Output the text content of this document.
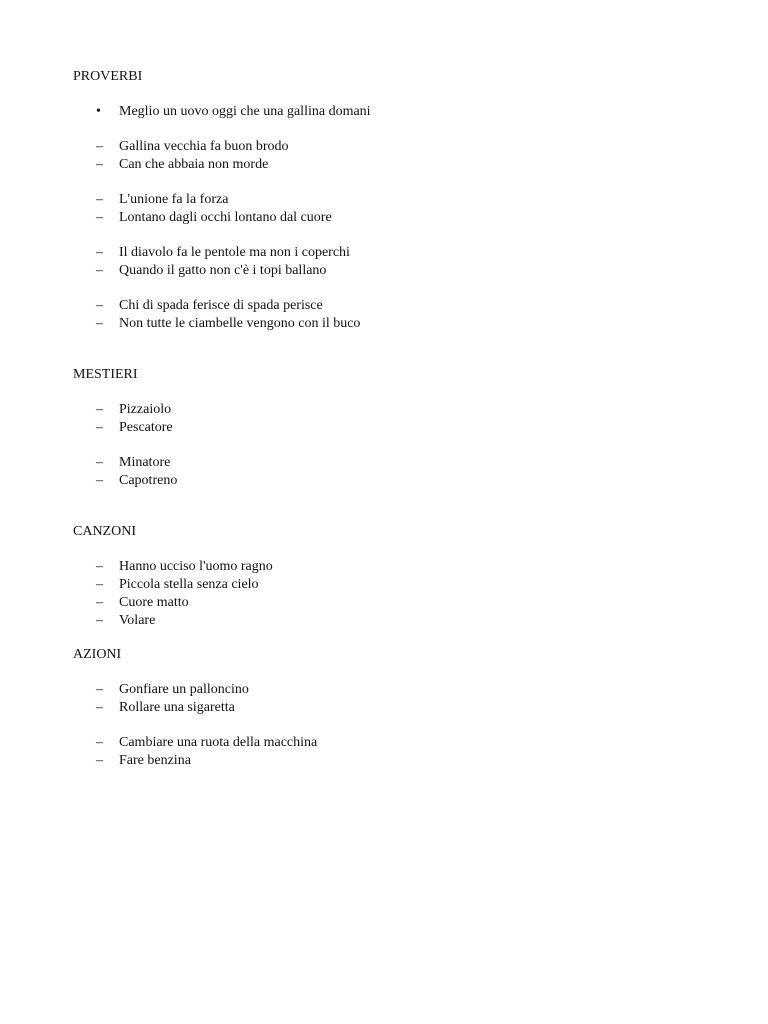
PROVERBI
•	Meglio un uovo oggi che una gallina domani
–	Gallina vecchia fa buon brodo
–	Can che abbaia non morde
–	L'unione fa la forza
–	Lontano dagli occhi lontano dal cuore
–	Il diavolo fa le pentole ma non i coperchi
–	Quando il gatto non c'è i topi ballano
–	Chi di spada ferisce di spada perisce
–	Non tutte le ciambelle vengono con il buco
MESTIERI
–	Pizzaiolo
–	Pescatore
–	Minatore
–	Capotreno
CANZONI
–	Hanno ucciso l'uomo ragno
–	Piccola stella senza cielo
–	Cuore matto
–	Volare
AZIONI
–	Gonfiare un palloncino
–	Rollare una sigaretta
–	Cambiare una ruota della macchina
–	Fare benzina
